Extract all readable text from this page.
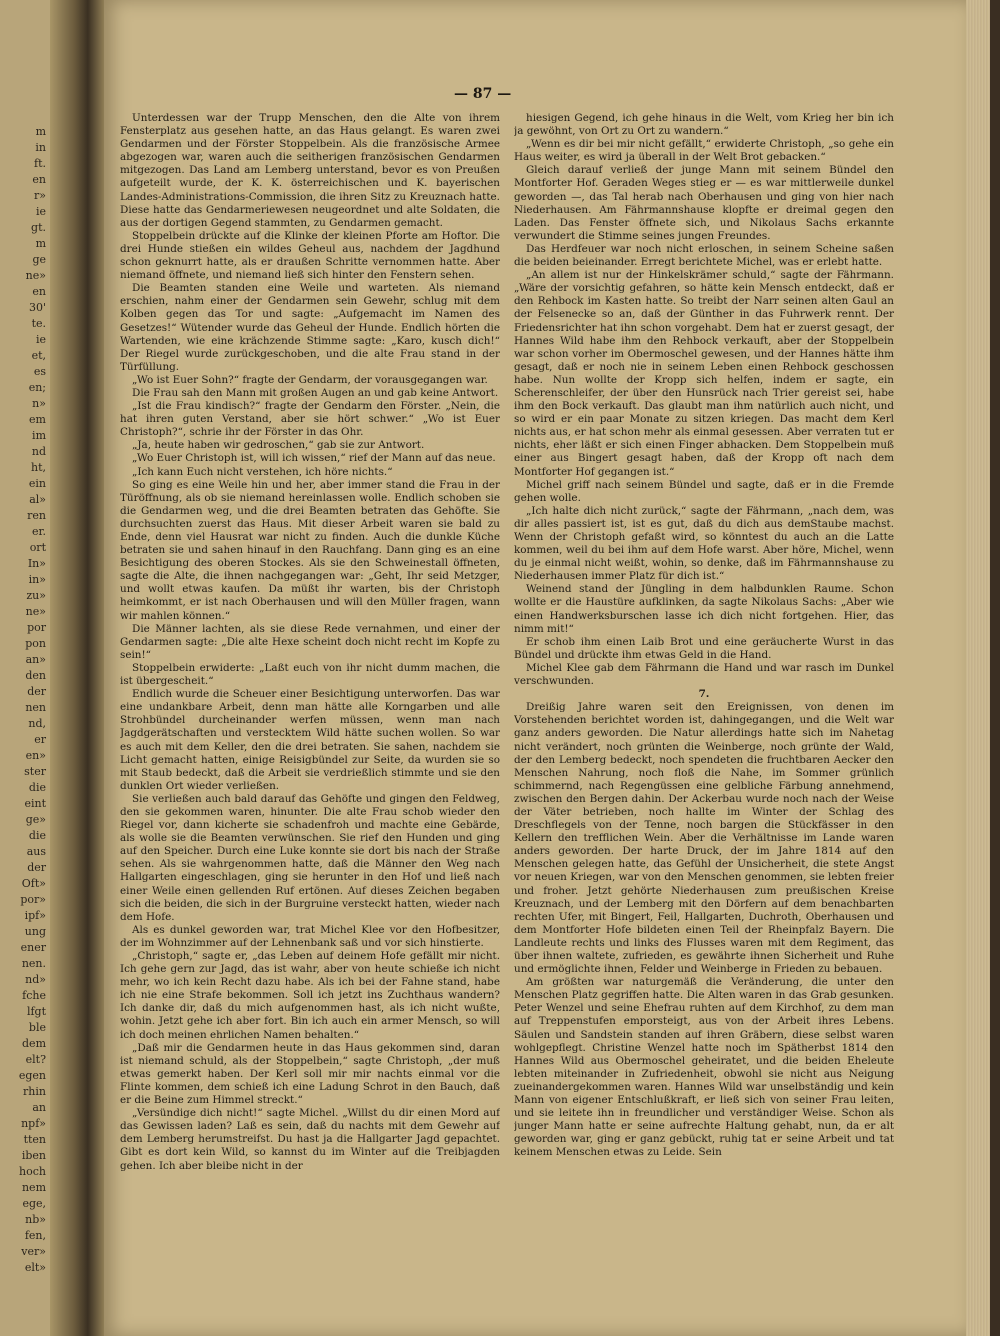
m
in
ft.
en
r»
ie
gt.
m
ge
ne»
en
30'
te.
ie
et,
es
en;
n»
em
im
nd
ht,
ein
al»
ren
er.
ort
In»
in»
zu»
ne»
por
pon
an»
den
der
nen
nd,
er
en»
ster
die
eint
ge»
die
aus
der
Oft»
por»
ipf»
ung
ener
nen.
nd»
fche
lfgt
ble
dem
elt?
egen
rhin
an
npf»
tten
iben
hoch
nem
ege,
nb»
fen,
ver»
elt»
— 87 —

Unterdessen war der Trupp Menschen, den die Alte von ihrem Fensterplatz aus gesehen hatte, an das Haus gelangt. Es waren zwei Gendarmen und der Förster Stoppelbein. Als die französische Armee abgezogen war, waren auch die seitherigen französischen Gendarmen mitgezogen. Das Land am Lemberg unterstand, bevor es von Preußen aufgeteilt wurde, der K. K. österreichischen und K. bayerischen Landes-Administrations-Commission, die ihren Sitz zu Kreuznach hatte. Diese hatte das Gendarmeriewesen neugeordnet und alte Soldaten, die aus der dortigen Gegend stammten, zu Gendarmen gemacht.

Stoppelbein drückte auf die Klinke der kleinen Pforte am Hoftor. Die drei Hunde stießen ein wildes Geheul aus, nachdem der Jagdhund schon geknurrt hatte, als er draußen Schritte vernommen hatte. Aber niemand öffnete, und niemand ließ sich hinter den Fenstern sehen.

Die Beamten standen eine Weile und warteten. Als niemand erschien, nahm einer der Gendarmen sein Gewehr, schlug mit dem Kolben gegen das Tor und sagte: „Aufgemacht im Namen des Gesetzes!“ Wütender wurde das Geheul der Hunde. Endlich hörten die Wartenden, wie eine krächzende Stimme sagte: „Karo, kusch dich!“ Der Riegel wurde zurückgeschoben, und die alte Frau stand in der Türfüllung.

„Wo ist Euer Sohn?“ fragte der Gendarm, der vorausgegangen war.

Die Frau sah den Mann mit großen Augen an und gab keine Antwort.

„Ist die Frau kindisch?“ fragte der Gendarm den Förster. „Nein, die hat ihren guten Verstand, aber sie hört schwer.“ „Wo ist Euer Christoph?“, schrie ihr der Förster in das Ohr.

„Ja, heute haben wir gedroschen,“ gab sie zur Antwort.

„Wo Euer Christoph ist, will ich wissen,“ rief der Mann auf das neue.

„Ich kann Euch nicht verstehen, ich höre nichts.“

So ging es eine Weile hin und her, aber immer stand die Frau in der Türöffnung, als ob sie niemand hereinlassen wolle. Endlich schoben sie die Gendarmen weg, und die drei Beamten betraten das Gehöfte. Sie durchsuchten zuerst das Haus. Mit dieser Arbeit waren sie bald zu Ende, denn viel Hausrat war nicht zu finden. Auch die dunkle Küche betraten sie und sahen hinauf in den Rauchfang. Dann ging es an eine Besichtigung des oberen Stockes. Als sie den Schweinestall öffneten, sagte die Alte, die ihnen nachgegangen war: „Geht, Ihr seid Metzger, und wollt etwas kaufen. Da müßt ihr warten, bis der Christoph heimkommt, er ist nach Oberhausen und will den Müller fragen, wann wir mahlen können.“

Die Männer lachten, als sie diese Rede vernahmen, und einer der Gendarmen sagte: „Die alte Hexe scheint doch nicht recht im Kopfe zu sein!“

Stoppelbein erwiderte: „Laßt euch von ihr nicht dumm machen, die ist übergescheit.“

Endlich wurde die Scheuer einer Besichtigung unterworfen. Das war eine undankbare Arbeit, denn man hätte alle Korngarben und alle Strohbündel durcheinander werfen müssen, wenn man nach Jagdgerätschaften und verstecktem Wild hätte suchen wollen. So war es auch mit dem Keller, den die drei betraten. Sie sahen, nachdem sie Licht gemacht hatten, einige Reisigbündel zur Seite, da wurden sie so mit Staub bedeckt, daß die Arbeit sie verdrießlich stimmte und sie den dunklen Ort wieder verließen.

Sie verließen auch bald darauf das Gehöfte und gingen den Feldweg, den sie gekommen waren, hinunter. Die alte Frau schob wieder den Riegel vor, dann kicherte sie schadenfroh und machte eine Gebärde, als wolle sie die Beamten verwünschen. Sie rief den Hunden und ging auf den Speicher. Durch eine Luke konnte sie dort bis nach der Straße sehen. Als sie wahrgenommen hatte, daß die Männer den Weg nach Hallgarten eingeschlagen, ging sie herunter in den Hof und ließ nach einer Weile einen gellenden Ruf ertönen. Auf dieses Zeichen begaben sich die beiden, die sich in der Burgruine versteckt hatten, wieder nach dem Hofe.

Als es dunkel geworden war, trat Michel Klee vor den Hofbesitzer, der im Wohnzimmer auf der Lehnenbank saß und vor sich hinstierte.

„Christoph,“ sagte er, „das Leben auf deinem Hofe gefällt mir nicht. Ich gehe gern zur Jagd, das ist wahr, aber von heute schieße ich nicht mehr, wo ich kein Recht dazu habe. Als ich bei der Fahne stand, habe ich nie eine Strafe bekommen. Soll ich jetzt ins Zuchthaus wandern? Ich danke dir, daß du mich aufgenommen hast, als ich nicht wußte, wohin. Jetzt gehe ich aber fort. Bin ich auch ein armer Mensch, so will ich doch meinen ehrlichen Namen behalten.“

„Daß mir die Gendarmen heute in das Haus gekommen sind, daran ist niemand schuld, als der Stoppelbein,“ sagte Christoph, „der muß etwas gemerkt haben. Der Kerl soll mir mir nachts einmal vor die Flinte kommen, dem schieß ich eine Ladung Schrot in den Bauch, daß er die Beine zum Himmel streckt.“

„Versündige dich nicht!“ sagte Michel. „Willst du dir einen Mord auf das Gewissen laden? Laß es sein, daß du nachts mit dem Gewehr auf dem Lemberg herumstreifst. Du hast ja die Hallgarter Jagd gepachtet. Gibt es dort kein Wild, so kannst du im Winter auf die Treibjagden gehen. Ich aber bleibe nicht in der

hiesigen Gegend, ich gehe hinaus in die Welt, vom Krieg her bin ich ja gewöhnt, von Ort zu Ort zu wandern.“

„Wenn es dir bei mir nicht gefällt,“ erwiderte Christoph, „so gehe ein Haus weiter, es wird ja überall in der Welt Brot gebacken.“

Gleich darauf verließ der junge Mann mit seinem Bündel den Montforter Hof. Geraden Weges stieg er — es war mittlerweile dunkel geworden —, das Tal herab nach Oberhausen und ging von hier nach Niederhausen. Am Fährmannshause klopfte er dreimal gegen den Laden. Das Fenster öffnete sich, und Nikolaus Sachs erkannte verwundert die Stimme seines jungen Freundes.

Das Herdfeuer war noch nicht erloschen, in seinem Scheine saßen die beiden beieinander. Erregt berichtete Michel, was er erlebt hatte.

„An allem ist nur der Hinkelskrämer schuld,“ sagte der Fährmann. „Wäre der vorsichtig gefahren, so hätte kein Mensch entdeckt, daß er den Rehbock im Kasten hatte. So treibt der Narr seinen alten Gaul an der Felsenecke so an, daß der Günther in das Fuhrwerk rennt. Der Friedensrichter hat ihn schon vorgehabt. Dem hat er zuerst gesagt, der Hannes Wild habe ihm den Rehbock verkauft, aber der Stoppelbein war schon vorher im Obermoschel gewesen, und der Hannes hätte ihm gesagt, daß er noch nie in seinem Leben einen Rehbock geschossen habe. Nun wollte der Kropp sich helfen, indem er sagte, ein Scherenschleifer, der über den Hunsrück nach Trier gereist sei, habe ihm den Bock verkauft. Das glaubt man ihm natürlich auch nicht, und so wird er ein paar Monate zu sitzen kriegen. Das macht dem Kerl nichts aus, er hat schon mehr als einmal gesessen. Aber verraten tut er nichts, eher läßt er sich einen Finger abhacken. Dem Stoppelbein muß einer aus Bingert gesagt haben, daß der Kropp oft nach dem Montforter Hof gegangen ist.“

Michel griff nach seinem Bündel und sagte, daß er in die Fremde gehen wolle.

„Ich halte dich nicht zurück,“ sagte der Fährmann, „nach dem, was dir alles passiert ist, ist es gut, daß du dich aus demStaube machst. Wenn der Christoph gefaßt wird, so könntest du auch an die Latte kommen, weil du bei ihm auf dem Hofe warst. Aber höre, Michel, wenn du je einmal nicht weißt, wohin, so denke, daß im Fährmannshause zu Niederhausen immer Platz für dich ist.“

Weinend stand der Jüngling in dem halbdunklen Raume. Schon wollte er die Haustüre aufklinken, da sagte Nikolaus Sachs: „Aber wie einen Handwerksburschen lasse ich dich nicht fortgehen. Hier, das nimm mit!“

Er schob ihm einen Laib Brot und eine geräucherte Wurst in das Bündel und drückte ihm etwas Geld in die Hand.

Michel Klee gab dem Fährmann die Hand und war rasch im Dunkel verschwunden.

7.

Dreißig Jahre waren seit den Ereignissen, von denen im Vorstehenden berichtet worden ist, dahingegangen, und die Welt war ganz anders geworden. Die Natur allerdings hatte sich im Nahetag nicht verändert, noch grünten die Weinberge, noch grünte der Wald, der den Lemberg bedeckt, noch spendeten die fruchtbaren Aecker den Menschen Nahrung, noch floß die Nahe, im Sommer grünlich schimmernd, nach Regengüssen eine gelbliche Färbung annehmend, zwischen den Bergen dahin. Der Ackerbau wurde noch nach der Weise der Väter betrieben, noch hallte im Winter der Schlag des Dreschflegels von der Tenne, noch bargen die Stückfässer in den Kellern den trefflichen Wein. Aber die Verhältnisse im Lande waren anders geworden. Der harte Druck, der im Jahre 1814 auf den Menschen gelegen hatte, das Gefühl der Unsicherheit, die stete Angst vor neuen Kriegen, war von den Menschen genommen, sie lebten freier und froher. Jetzt gehörte Niederhausen zum preußischen Kreise Kreuznach, und der Lemberg mit den Dörfern auf dem benachbarten rechten Ufer, mit Bingert, Feil, Hallgarten, Duchroth, Oberhausen und dem Montforter Hofe bildeten einen Teil der Rheinpfalz Bayern. Die Landleute rechts und links des Flusses waren mit dem Regiment, das über ihnen waltete, zufrieden, es gewährte ihnen Sicherheit und Ruhe und ermöglichte ihnen, Felder und Weinberge in Frieden zu bebauen.

Am größten war naturgemäß die Veränderung, die unter den Menschen Platz gegriffen hatte. Die Alten waren in das Grab gesunken. Peter Wenzel und seine Ehefrau ruhten auf dem Kirchhof, zu dem man auf Treppenstufen emporsteigt, aus von der Arbeit ihres Lebens. Säulen und Sandstein standen auf ihren Gräbern, diese selbst waren wohlgepflegt. Christine Wenzel hatte noch im Spätherbst 1814 den Hannes Wild aus Obermoschel geheiratet, und die beiden Eheleute lebten miteinander in Zufriedenheit, obwohl sie nicht aus Neigung zueinandergekommen waren. Hannes Wild war unselbständig und kein Mann von eigener Entschlußkraft, er ließ sich von seiner Frau leiten, und sie leitete ihn in freundlicher und verständiger Weise. Schon als junger Mann hatte er seine aufrechte Haltung gehabt, nun, da er alt geworden war, ging er ganz gebückt, ruhig tat er seine Arbeit und tat keinem Menschen etwas zu Leide. Sein
